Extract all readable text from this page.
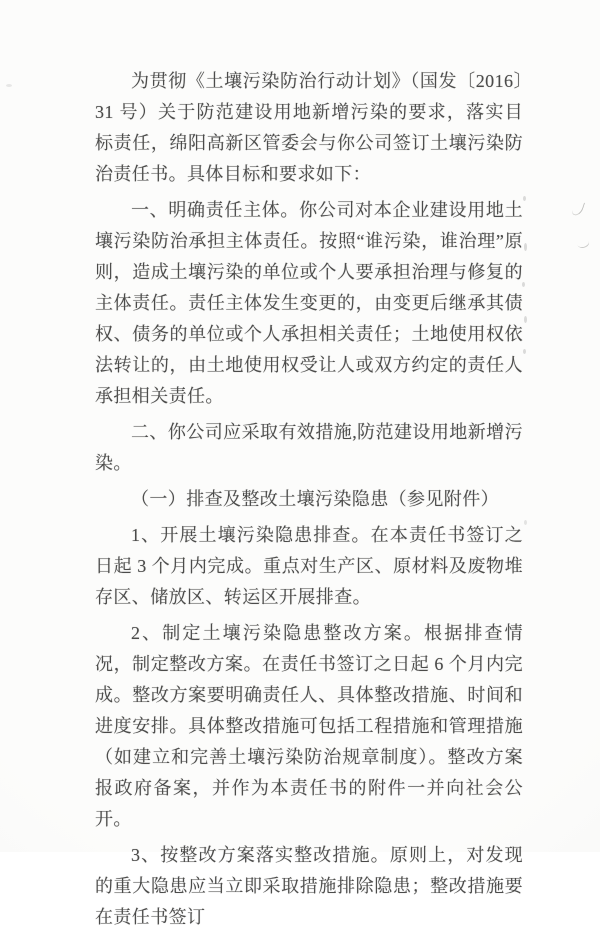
为贯彻《土壤污染防治行动计划》（国发〔2016〕31 号）关于防范建设用地新增污染的要求，落实目标责任，绵阳高新区管委会与你公司签订土壤污染防治责任书。具体目标和要求如下：

一、明确责任主体。你公司对本企业建设用地土壤污染防治承担主体责任。按照“谁污染，谁治理”原则，造成土壤污染的单位或个人要承担治理与修复的主体责任。责任主体发生变更的，由变更后继承其债权、债务的单位或个人承担相关责任；土地使用权依法转让的，由土地使用权受让人或双方约定的责任人承担相关责任。

二、你公司应采取有效措施,防范建设用地新增污染。

（一）排查及整改土壤污染隐患（参见附件）

1、开展土壤污染隐患排查。在本责任书签订之日起 3 个月内完成。重点对生产区、原材料及废物堆存区、储放区、转运区开展排查。

2、制定土壤污染隐患整改方案。根据排查情况，制定整改方案。在责任书签订之日起 6 个月内完成。整改方案要明确责任人、具体整改措施、时间和进度安排。具体整改措施可包括工程措施和管理措施（如建立和完善土壤污染防治规章制度）。整改方案报政府备案，并作为本责任书的附件一并向社会公开。

3、按整改方案落实整改措施。原则上，对发现的重大隐患应当立即采取措施排除隐患；整改措施要在责任书签订
